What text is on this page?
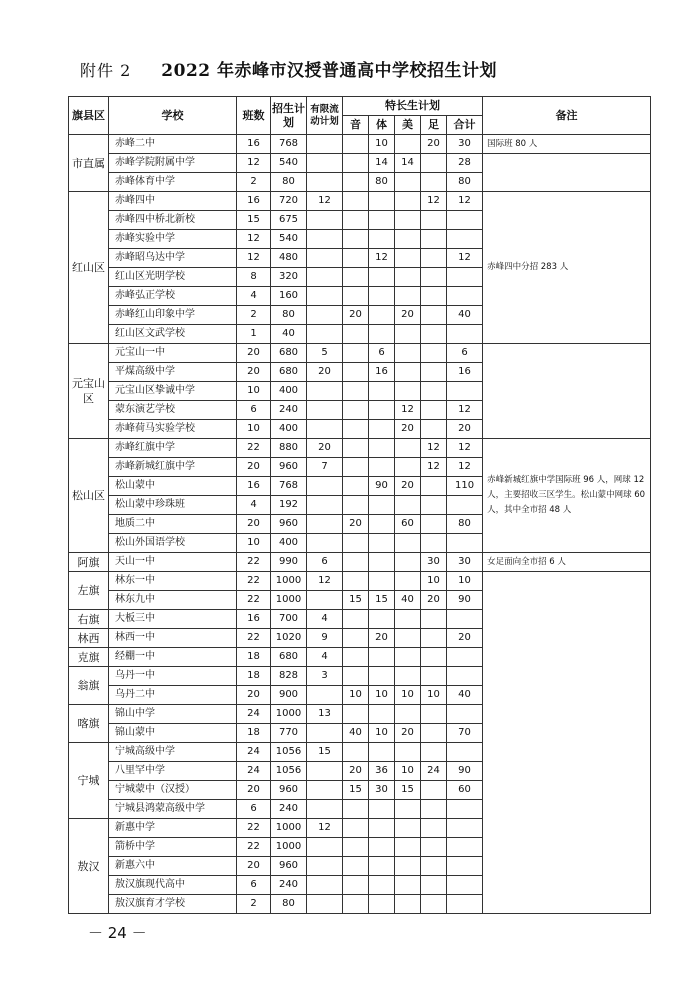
附件 2 2022 年赤峰市汉授普通高中学校招生计划
旗县区	学校	班数	招生计划	有限流动计划	特长生计划					备注
					音	体	美	足	合计	
市直属	赤峰二中	16	768			10		20	30	国际班 80 人
	赤峰学院附属中学	12	540			14	14		28	
	赤峰体育中学	2	80			80			80	
红山区	赤峰四中	16	720	12				12	12	赤峰四中分招 283 人
	赤峰四中桥北新校	15	675							
	赤峰实验中学	12	540							
	赤峰昭乌达中学	12	480			12			12	
	红山区光明学校	8	320							
	赤峰弘正学校	4	160							
	赤峰红山印象中学	2	80		20		20		40	
	红山区文武学校	1	40							
元宝山区	元宝山一中	20	680	5		6			6	
	平煤高级中学	20	680	20		16			16	
	元宝山区挚诚中学	10	400							
	蒙东演艺学校	6	240				12		12	
	赤峰荷马实验学校	10	400				20		20	
松山区	赤峰红旗中学	22	880	20				12	12	赤峰新城红旗中学国际班 96 人，网球 12 人，主要招收三区学生。松山蒙中网球 60 人，其中全市招 48 人
	赤峰新城红旗中学	20	960	7				12	12	
	松山蒙中	16	768			90	20		110	
	松山蒙中珍珠班	4	192							
	地质二中	20	960		20		60		80	
	松山外国语学校	10	400							
阿旗	天山一中	22	990	6				30	30	女足面向全市招 6 人
左旗	林东一中	22	1000	12				10	10	
	林东九中	22	1000		15	15	40	20	90	
右旗	大板三中	16	700	4						
林西	林西一中	22	1020	9		20			20	
克旗	经棚一中	18	680	4						
翁旗	乌丹一中	18	828	3						
	乌丹二中	20	900		10	10	10	10	40	
喀旗	锦山中学	24	1000	13						
	锦山蒙中	18	770		40	10	20		70	
宁城	宁城高级中学	24	1056	15						
	八里罕中学	24	1056		20	36	10	24	90	
	宁城蒙中（汉授）	20	960		15	30	15		60	
	宁城县鸿蒙高级中学	6	240							
敖汉	新惠中学	22	1000	12						
	箭桥中学	22	1000							
	新惠六中	20	960							
	敖汉旗现代高中	6	240							
	敖汉旗育才学校	2	80							
－ 24 －
